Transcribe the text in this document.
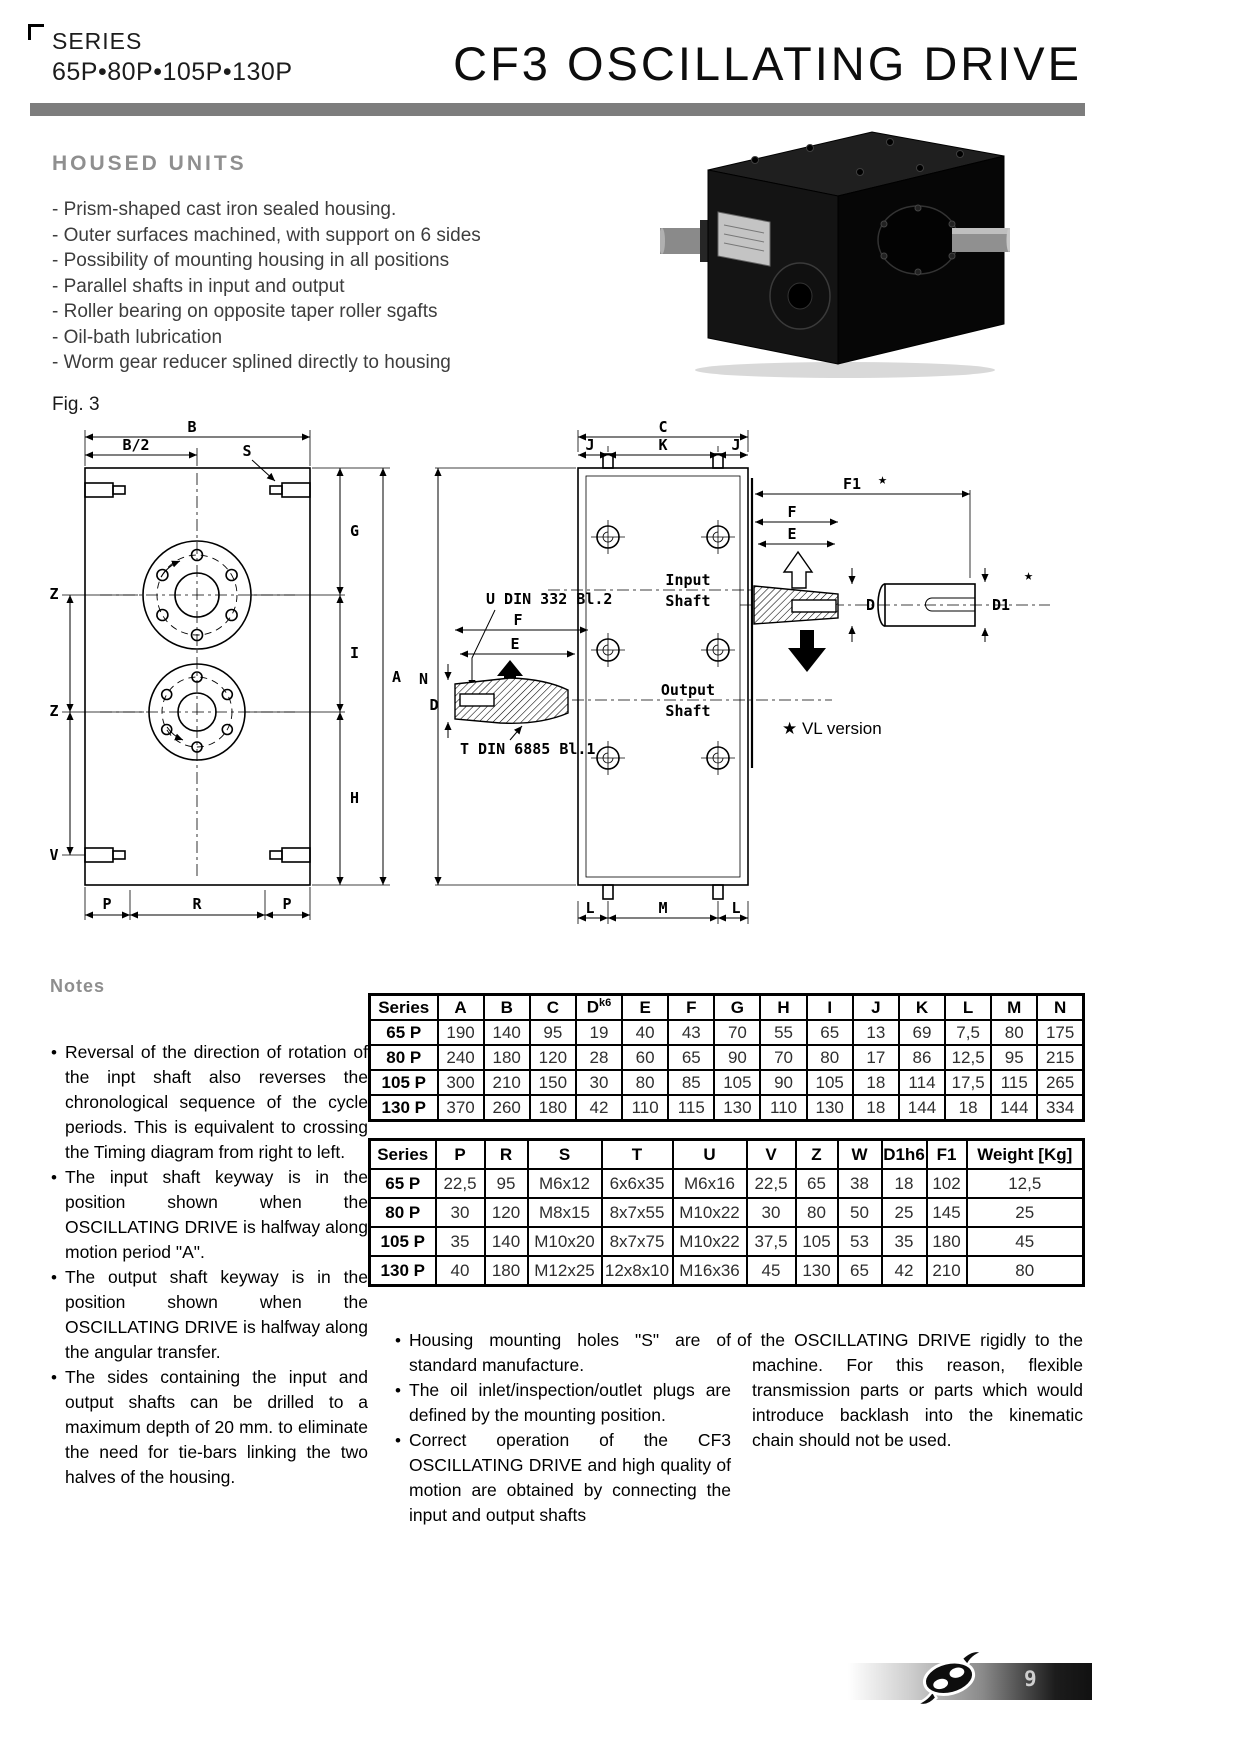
SERIES
65P•80P•105P•130P	CF3 OSCILLATING DRIVE
HOUSED UNITS
- Prism-shaped cast iron sealed housing.
- Outer surfaces machined, with support on 6 sides
- Possibility of mounting housing in all positions
- Parallel shafts in input and output
- Roller bearing on opposite taper roller sgafts
- Oil-bath lubrication
- Worm gear reducer splined directly to housing
Fig. 3
B
B/2	S
Z
Z
V
G
I
H
A
P	R	P
C
J	K	J
N
Input
Shaft
Output
Shaft
U DIN 332 Bl.2
F
E
D
T DIN 6885 Bl.1
L	M	L
F1 ★
F
E
D	D1
★
★ VL version
Series	A	B	C	$D^{k6}$	E	F	G	H	I	J	K	L	M	N
65 P	190	140	95	19	40	43	70	55	65	13	69	7,5	80	175
80 P	240	180	120	28	60	65	90	70	80	17	86	12,5	95	215
105 P	300	210	150	30	80	85	105	90	105	18	114	17,5	115	265
130 P	370	260	180	42	110	115	130	110	130	18	144	18	144	334
Series	P	R	S	T	U	V	Z	W	D1h6	F1	Weight [Kg]
65 P	22,5	95	M6x12	6x6x35	M6x16	22,5	65	38	18	102	12,5
80 P	30	120	M8x15	8x7x55	M10x22	30	80	50	25	145	25
105 P	35	140	M10x20	8x7x75	M10x22	37,5	105	53	35	180	45
130 P	40	180	M12x25	12x8x10	M16x36	45	130	65	42	210	80
Notes
• Reversal of the direction of rotation of the inpt shaft also reverses the chronological sequence of the cycle periods. This is equivalent to crossing the Timing diagram from right to left.
• The input shaft keyway is in the position shown when the OSCILLATING DRIVE is halfway along motion period "A".
• The output shaft keyway is in the position shown when the OSCILLATING DRIVE is halfway along the angular transfer.
• The sides containing the input and output shafts can be drilled to a maximum depth of 20 mm. to eliminate the need for tie-bars linking the two halves of the housing.
• Housing mounting holes "S" are of standard manufacture.
• The oil inlet/inspection/outlet plugs are defined by the mounting position.
• Correct operation of the CF3 OSCILLATING DRIVE and high quality of motion are obtained by connecting the input and output shafts
of the OSCILLATING DRIVE rigidly to the machine. For this reason, flexible transmission parts or parts which would introduce backlash into the kinematic chain should not be used.
9
